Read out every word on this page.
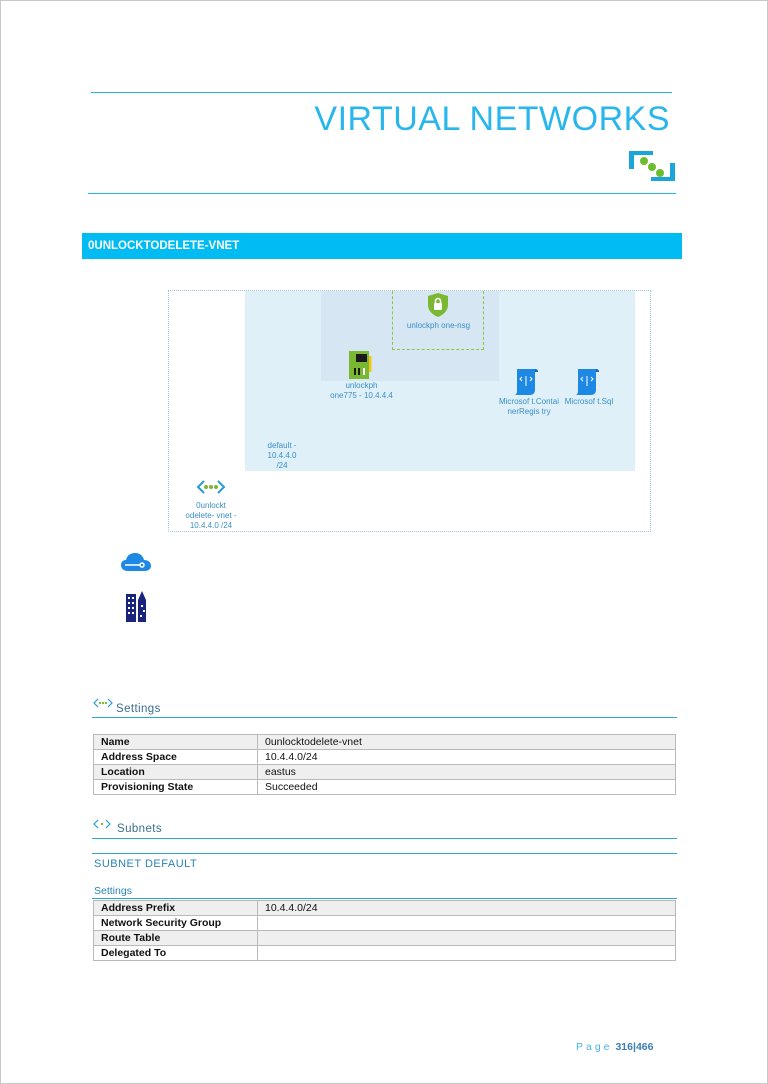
VIRTUAL NETWORKS
0UNLOCKTODELETE-VNET
unlockph one-nsg
unlockph
one775 - 10.4.4.4
Microsof t.Contai
nerRegis try
Microsof t.Sql
default - 10.4.4.0
/24
0unlockt
odelete- vnet -
10.4.4.0 /24
Settings
Name	0unlocktodelete-vnet
Address Space	10.4.4.0/24
Location	eastus
Provisioning State	Succeeded
Subnets
SUBNET DEFAULT
Settings
Address Prefix	10.4.4.0/24
Network Security Group	
Route Table	
Delegated To	
Page 316|466
